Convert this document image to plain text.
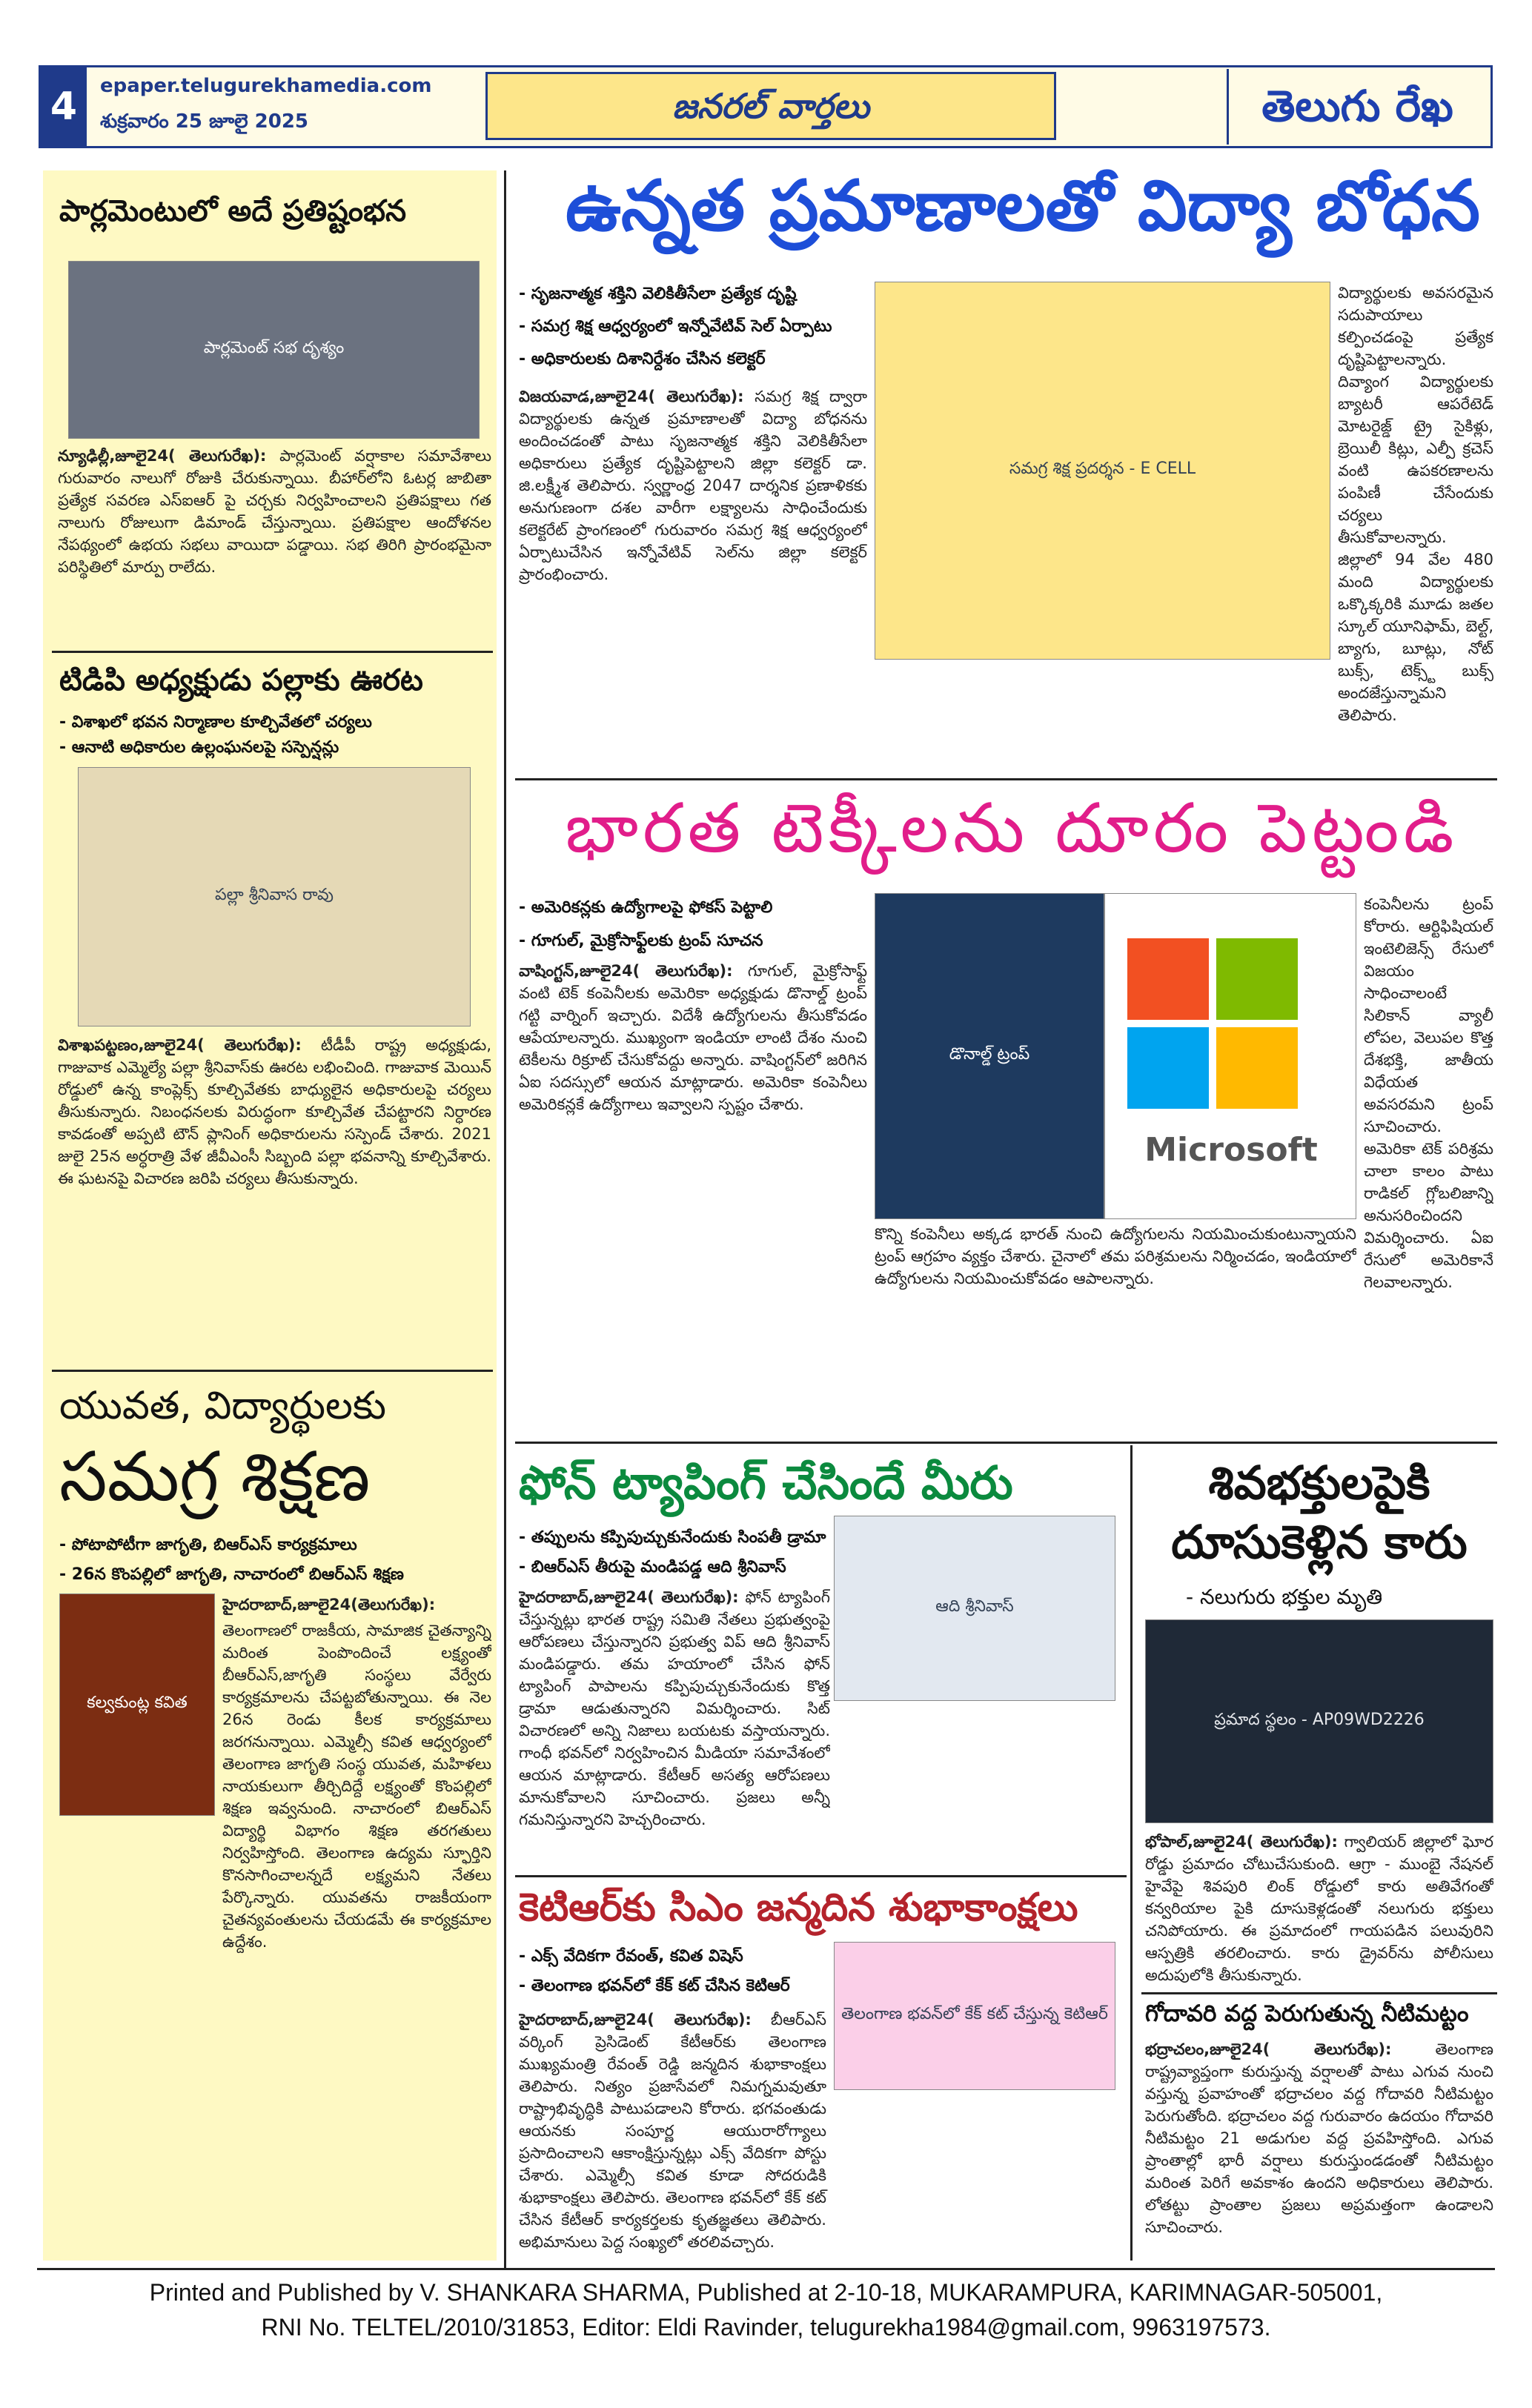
4	epaper.telugurekhamedia.com
శుక్రవారం 25 జూలై 2025	జనరల్ వార్తలు	తెలుగు రేఖ
పార్లమెంటులో అదే ప్రతిష్టంభన
పార్లమెంట్ సభ దృశ్యం
న్యూఢిల్లీ,జూలై24( తెలుగురేఖ): పార్లమెంట్ వర్షాకాల సమావేశాలు గురువారం నాలుగో రోజుకి చేరుకున్నాయి. బీహార్‌లోని ఓటర్ల జాబితా ప్రత్యేక సవరణ ఎస్ఐఆర్ పై చర్చకు నిర్వహించాలని ప్రతిపక్షాలు గత నాలుగు రోజులుగా డిమాండ్ చేస్తున్నాయి. ప్రతిపక్షాల ఆందోళనల నేపథ్యంలో ఉభయ సభలు వాయిదా పడ్డాయి. సభ తిరిగి ప్రారంభమైనా పరిస్థితిలో మార్పు రాలేదు.
టిడిపి అధ్యక్షుడు పల్లాకు ఊరట
- విశాఖలో భవన నిర్మాణాల కూల్చివేతలో చర్యలు
- ఆనాటి అధికారుల ఉల్లంఘనలపై సస్పెన్షన్లు
పల్లా శ్రీనివాస రావు
విశాఖపట్టణం,జూలై24( తెలుగురేఖ): టీడీపీ రాష్ట్ర అధ్యక్షుడు, గాజువాక ఎమ్మెల్యే పల్లా శ్రీనివాస్‌కు ఊరట లభించింది. గాజువాక మెయిన్ రోడ్డులో ఉన్న కాంప్లెక్స్ కూల్చివేతకు బాధ్యులైన అధికారులపై చర్యలు తీసుకున్నారు. నిబంధనలకు విరుద్ధంగా కూల్చివేత చేపట్టారని నిర్ధారణ కావడంతో అప్పటి టౌన్ ప్లానింగ్ అధికారులను సస్పెండ్ చేశారు. 2021 జులై 25న అర్ధరాత్రి వేళ జీవీఎంసీ సిబ్బంది పల్లా భవనాన్ని కూల్చివేశారు. ఈ ఘటనపై విచారణ జరిపి చర్యలు తీసుకున్నారు.
యువత, విద్యార్థులకు
సమగ్ర శిక్షణ
- పోటాపోటీగా జాగృతి, బిఆర్ఎస్ కార్యక్రమాలు
- 26న కొంపల్లిలో జాగృతి, నాచారంలో బిఆర్ఎస్ శిక్షణ
కల్వకుంట్ల కవిత
హైదరాబాద్,జూలై24(తెలుగురేఖ):
తెలంగాణలో రాజకీయ, సామాజిక చైతన్యాన్ని మరింత పెంపొందించే లక్ష్యంతో బీఆర్ఎస్,జాగృతి సంస్థలు వేర్వేరు కార్యక్రమాలను చేపట్టబోతున్నాయి. ఈ నెల 26న రెండు కీలక కార్యక్రమాలు జరగనున్నాయి. ఎమ్మెల్సీ కవిత ఆధ్వర్యంలో తెలంగాణ జాగృతి సంస్థ యువత, మహిళలు నాయకులుగా తీర్చిదిద్దే లక్ష్యంతో కొంపల్లిలో శిక్షణ ఇవ్వనుంది. నాచారంలో బిఆర్ఎస్ విద్యార్థి విభాగం శిక్షణ తరగతులు నిర్వహిస్తోంది. తెలంగాణ ఉద్యమ స్ఫూర్తిని కొనసాగించాలన్నదే లక్ష్యమని నేతలు పేర్కొన్నారు. యువతను రాజకీయంగా చైతన్యవంతులను చేయడమే ఈ కార్యక్రమాల ఉద్దేశం.
ఉన్నత ప్రమాణాలతో విద్యా బోధన
- సృజనాత్మక శక్తిని వెలికితీసేలా ప్రత్యేక దృష్టి
- సమగ్ర శిక్ష ఆధ్వర్యంలో ఇన్నోవేటివ్ సెల్ ఏర్పాటు
- అధికారులకు దిశానిర్దేశం చేసిన కలెక్టర్
సమగ్ర శిక్ష ప్రదర్శన - E CELL
విజయవాడ,జూలై24( తెలుగురేఖ): సమగ్ర శిక్ష ద్వారా విద్యార్థులకు ఉన్నత ప్రమాణాలతో విద్యా బోధనను అందించడంతో పాటు సృజనాత్మక శక్తిని వెలికితీసేలా అధికారులు ప్రత్యేక దృష్టిపెట్టాలని జిల్లా కలెక్టర్ డా. జి.లక్ష్మీశ తెలిపారు. స్వర్ణాంధ్ర 2047 దార్శనిక ప్రణాళికకు అనుగుణంగా దశల వారీగా లక్ష్యాలను సాధించేందుకు కలెక్టరేట్ ప్రాంగణంలో గురువారం సమగ్ర శిక్ష ఆధ్వర్యంలో ఏర్పాటుచేసిన ఇన్నోవేటివ్ సెల్‌ను జిల్లా కలెక్టర్ ప్రారంభించారు.
విద్యార్థులకు అవసరమైన సదుపాయాలు కల్పించడంపై ప్రత్యేక దృష్టిపెట్టాలన్నారు. దివ్యాంగ విద్యార్థులకు బ్యాటరీ ఆపరేటెడ్ మోటరైజ్డ్ ట్రై సైకిళ్లు, బ్రెయిలీ కిట్లు, ఎల్పీ క్రచెస్ వంటి ఉపకరణాలను పంపిణీ చేసేందుకు చర్యలు తీసుకోవాలన్నారు. జిల్లాలో 94 వేల 480 మంది విద్యార్థులకు ఒక్కొక్కరికి మూడు జతల స్కూల్ యూనిఫామ్, బెల్ట్, బ్యాగు, బూట్లు, నోట్ బుక్స్, టెక్స్ట్ బుక్స్ అందజేస్తున్నామని తెలిపారు.
భారత టెక్కీలను దూరం పెట్టండి
- అమెరికన్లకు ఉద్యోగాలపై ఫోకస్ పెట్టాలి
- గూగుల్, మైక్రోసాఫ్ట్‌లకు ట్రంప్ సూచన
వాషింగ్టన్,జూలై24( తెలుగురేఖ): గూగుల్, మైక్రోసాఫ్ట్ వంటి టెక్ కంపెనీలకు అమెరికా అధ్యక్షుడు డొనాల్డ్ ట్రంప్ గట్టి వార్నింగ్ ఇచ్చారు. విదేశీ ఉద్యోగులను తీసుకోవడం ఆపేయాలన్నారు. ముఖ్యంగా ఇండియా లాంటి దేశం నుంచి టెకీలను రిక్రూట్ చేసుకోవద్దు అన్నారు. వాషింగ్టన్‌లో జరిగిన ఏఐ సదస్సులో ఆయన మాట్లాడారు. అమెరికా కంపెనీలు అమెరికన్లకే ఉద్యోగాలు ఇవ్వాలని స్పష్టం చేశారు.
డొనాల్డ్ ట్రంప్
Microsoft
కొన్ని కంపెనీలు అక్కడ భారత్ నుంచి ఉద్యోగులను నియమించుకుంటున్నాయని ట్రంప్ ఆగ్రహం వ్యక్తం చేశారు. చైనాలో తమ పరిశ్రమలను నిర్మించడం, ఇండియాలో ఉద్యోగులను నియమించుకోవడం ఆపాలన్నారు.
కంపెనీలను ట్రంప్ కోరారు. ఆర్టిఫిషియల్ ఇంటెలిజెన్స్ రేసులో విజయం సాధించాలంటే సిలికాన్ వ్యాలీ లోపల, వెలుపల కొత్త దేశభక్తి, జాతీయ విధేయత అవసరమని ట్రంప్ సూచించారు. అమెరికా టెక్ పరిశ్రమ చాలా కాలం పాటు రాడికల్ గ్లోబలిజాన్ని అనుసరించిందని విమర్శించారు. ఏఐ రేసులో అమెరికానే గెలవాలన్నారు.
ఫోన్ ట్యాపింగ్ చేసిందే మీరు
- తప్పులను కప్పిపుచ్చుకునేందుకు సింపతీ డ్రామా
- బిఆర్ఎస్ తీరుపై మండిపడ్డ ఆది శ్రీనివాస్
ఆది శ్రీనివాస్
హైదరాబాద్,జూలై24( తెలుగురేఖ): ఫోన్ ట్యాపింగ్ చేస్తున్నట్లు భారత రాష్ట్ర సమితి నేతలు ప్రభుత్వంపై ఆరోపణలు చేస్తున్నారని ప్రభుత్వ విప్ ఆది శ్రీనివాస్ మండిపడ్డారు. తమ హయాంలో చేసిన ఫోన్ ట్యాపింగ్ పాపాలను కప్పిపుచ్చుకునేందుకు కొత్త డ్రామా ఆడుతున్నారని విమర్శించారు. సిట్ విచారణలో అన్ని నిజాలు బయటకు వస్తాయన్నారు. గాంధీ భవన్‌లో నిర్వహించిన మీడియా సమావేశంలో ఆయన మాట్లాడారు. కేటీఆర్ అసత్య ఆరోపణలు మానుకోవాలని సూచించారు. ప్రజలు అన్నీ గమనిస్తున్నారని హెచ్చరించారు.
కెటిఆర్‌కు సిఎం జన్మదిన శుభాకాంక్షలు
- ఎక్స్ వేదికగా రేవంత్, కవిత విషెస్
- తెలంగాణ భవన్‌లో కేక్ కట్ చేసిన కెటిఆర్
తెలంగాణ భవన్‌లో కేక్ కట్ చేస్తున్న కెటిఆర్
హైదరాబాద్,జూలై24( తెలుగురేఖ): బీఆర్ఎస్ వర్కింగ్ ప్రెసిడెంట్ కేటీఆర్‌కు తెలంగాణ ముఖ్యమంత్రి రేవంత్ రెడ్డి జన్మదిన శుభాకాంక్షలు తెలిపారు. నిత్యం ప్రజాసేవలో నిమగ్నమవుతూ రాష్ట్రాభివృద్ధికి పాటుపడాలని కోరారు. భగవంతుడు ఆయనకు సంపూర్ణ ఆయురారోగ్యాలు ప్రసాదించాలని ఆకాంక్షిస్తున్నట్లు ఎక్స్ వేదికగా పోస్టు చేశారు. ఎమ్మెల్సీ కవిత కూడా సోదరుడికి శుభాకాంక్షలు తెలిపారు. తెలంగాణ భవన్‌లో కేక్ కట్ చేసిన కేటీఆర్ కార్యకర్తలకు కృతజ్ఞతలు తెలిపారు. అభిమానులు పెద్ద సంఖ్యలో తరలివచ్చారు.
శివభక్తులపైకి
దూసుకెళ్లిన కారు
- నలుగురు భక్తుల మృతి
ప్రమాద స్థలం - AP09WD2226
భోపాల్,జూలై24( తెలుగురేఖ): గ్వాలియర్ జిల్లాలో ఘోర రోడ్డు ప్రమాదం చోటుచేసుకుంది. ఆగ్రా - ముంబై నేషనల్ హైవేపై శివపురి లింక్ రోడ్డులో కారు అతివేగంతో కన్వరియాల పైకి దూసుకెళ్లడంతో నలుగురు భక్తులు చనిపోయారు. ఈ ప్రమాదంలో గాయపడిన పలువురిని ఆస్పత్రికి తరలించారు. కారు డ్రైవర్‌ను పోలీసులు అదుపులోకి తీసుకున్నారు.
గోదావరి వద్ద పెరుగుతున్న నీటిమట్టం
భద్రాచలం,జూలై24( తెలుగురేఖ):	తెలంగాణ రాష్ట్రవ్యాప్తంగా కురుస్తున్న వర్షాలతో పాటు ఎగువ నుంచి వస్తున్న ప్రవాహంతో భద్రాచలం వద్ద గోదావరి నీటిమట్టం పెరుగుతోంది. భద్రాచలం వద్ద గురువారం ఉదయం గోదావరి నీటిమట్టం 21 అడుగుల వద్ద ప్రవహిస్తోంది. ఎగువ ప్రాంతాల్లో భారీ వర్షాలు కురుస్తుండడంతో నీటిమట్టం మరింత పెరిగే అవకాశం ఉందని అధికారులు తెలిపారు. లోతట్టు ప్రాంతాల ప్రజలు అప్రమత్తంగా ఉండాలని సూచించారు.
Printed and Published by V. SHANKARA SHARMA, Published at 2-10-18, MUKARAMPURA, KARIMNAGAR-505001,
RNI No. TELTEL/2010/31853, Editor: Eldi Ravinder, telugurekha1984@gmail.com, 9963197573.
